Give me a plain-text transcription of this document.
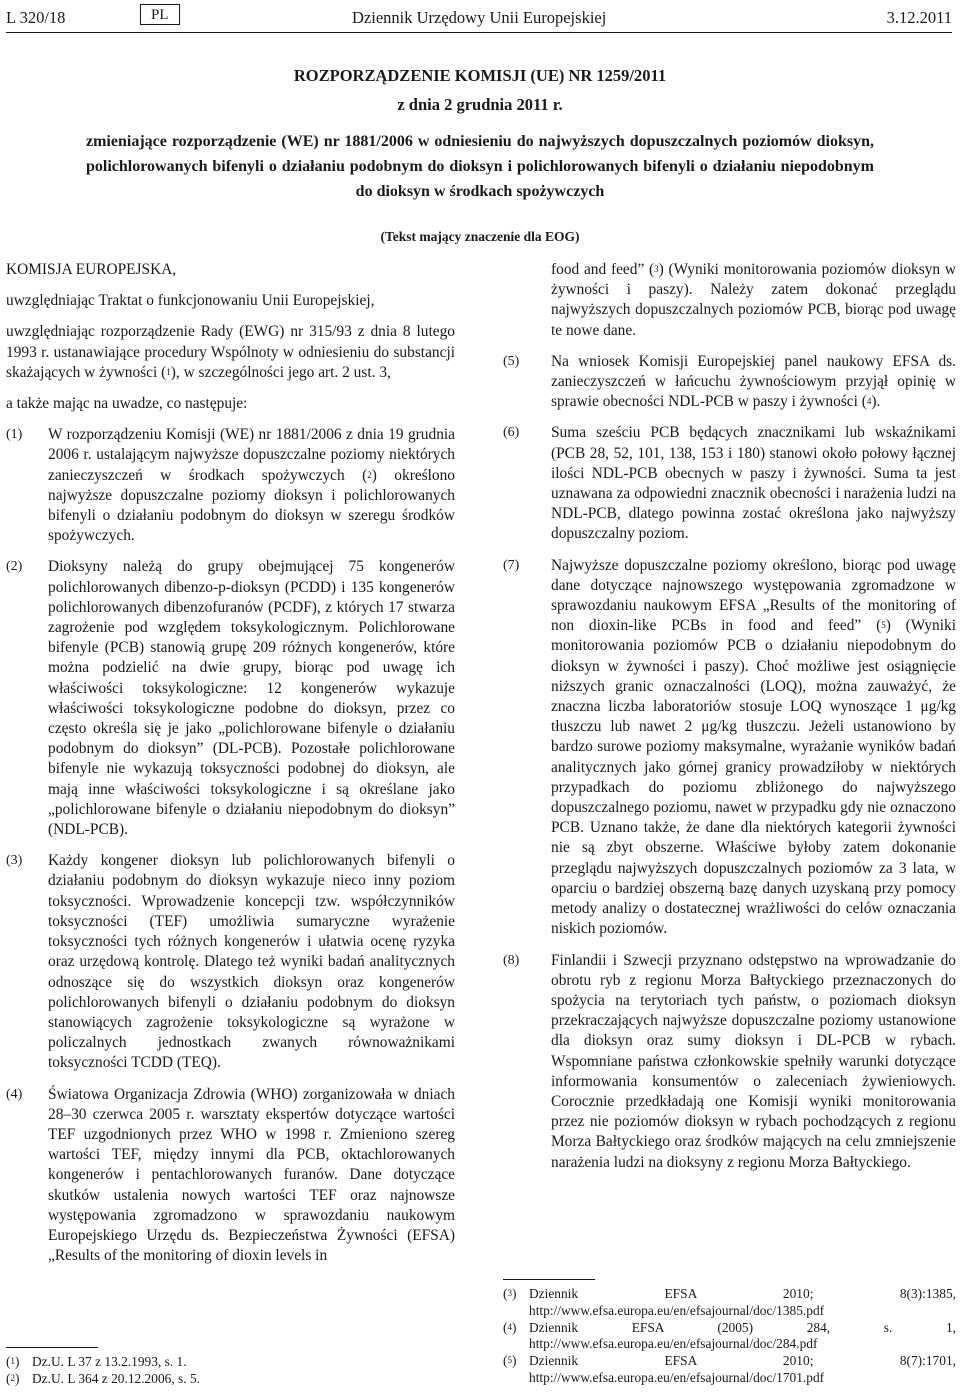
L 320/18	PL	Dziennik Urzędowy Unii Europejskiej	3.12.2011
ROZPORZĄDZENIE KOMISJI (UE) NR 1259/2011
z dnia 2 grudnia 2011 r.
zmieniające rozporządzenie (WE) nr 1881/2006 w odniesieniu do najwyższych dopuszczalnych poziomów dioksyn, polichlorowanych bifenyli o działaniu podobnym do dioksyn i polichlorowanych bifenyli o działaniu niepodobnym do dioksyn w środkach spożywczych
(Tekst mający znaczenie dla EOG)

KOMISJA EUROPEJSKA,

uwzględniając Traktat o funkcjonowaniu Unii Europejskiej,

uwzględniając rozporządzenie Rady (EWG) nr 315/93 z dnia 8 lutego 1993 r. ustanawiające procedury Wspólnoty w odniesieniu do substancji skażających w żywności ($^1$), w szczególności jego art. 2 ust. 3,

a także mając na uwadze, co następuje:

(1) W rozporządzeniu Komisji (WE) nr 1881/2006 z dnia 19 grudnia 2006 r. ustalającym najwyższe dopuszczalne poziomy niektórych zanieczyszczeń w środkach spożywczych ($^2$) określono najwyższe dopuszczalne poziomy dioksyn i polichlorowanych bifenyli o działaniu podobnym do dioksyn w szeregu środków spożywczych.
(2) Dioksyny należą do grupy obejmującej 75 kongenerów polichlorowanych dibenzo-p-dioksyn (PCDD) i 135 kongenerów polichlorowanych dibenzofuranów (PCDF), z których 17 stwarza zagrożenie pod względem toksykologicznym. Polichlorowane bifenyle (PCB) stanowią grupę 209 różnych kongenerów, które można podzielić na dwie grupy, biorąc pod uwagę ich właściwości toksykologiczne: 12 kongenerów wykazuje właściwości toksykologiczne podobne do dioksyn, przez co często określa się je jako „polichlorowane bifenyle o działaniu podobnym do dioksyn” (DL-PCB). Pozostałe polichlorowane bifenyle nie wykazują toksyczności podobnej do dioksyn, ale mają inne właściwości toksykologiczne i są określane jako „polichlorowane bifenyle o działaniu niepodobnym do dioksyn” (NDL-PCB).
(3) Każdy kongener dioksyn lub polichlorowanych bifenyli o działaniu podobnym do dioksyn wykazuje nieco inny poziom toksyczności. Wprowadzenie koncepcji tzw. współczynników toksyczności (TEF) umożliwia sumaryczne wyrażenie toksyczności tych różnych kongenerów i ułatwia ocenę ryzyka oraz urzędową kontrolę. Dlatego też wyniki badań analitycznych odnoszące się do wszystkich dioksyn oraz kongenerów polichlorowanych bifenyli o działaniu podobnym do dioksyn stanowiących zagrożenie toksykologiczne są wyrażone w policzalnych jednostkach zwanych równoważnikami toksyczności TCDD (TEQ).
(4) Światowa Organizacja Zdrowia (WHO) zorganizowała w dniach 28–30 czerwca 2005 r. warsztaty ekspertów dotyczące wartości TEF uzgodnionych przez WHO w 1998 r. Zmieniono szereg wartości TEF, między innymi dla PCB, oktachlorowanych kongenerów i pentachlorowanych furanów. Dane dotyczące skutków ustalenia nowych wartości TEF oraz najnowsze występowania zgromadzono w sprawozdaniu naukowym Europejskiego Urzędu ds. Bezpieczeństwa Żywności (EFSA) „Results of the monitoring of dioxin levels in
($^1$) Dz.U. L 37 z 13.2.1993, s. 1.
($^2$) Dz.U. L 364 z 20.12.2006, s. 5.
food and feed” ($^3$) (Wyniki monitorowania poziomów dioksyn w żywności i paszy). Należy zatem dokonać przeglądu najwyższych dopuszczalnych poziomów PCB, biorąc pod uwagę te nowe dane.
(5) Na wniosek Komisji Europejskiej panel naukowy EFSA ds. zanieczyszczeń w łańcuchu żywnościowym przyjął opinię w sprawie obecności NDL-PCB w paszy i żywności ($^4$).
(6) Suma sześciu PCB będących znacznikami lub wskaźnikami (PCB 28, 52, 101, 138, 153 i 180) stanowi około połowy łącznej ilości NDL-PCB obecnych w paszy i żywności. Suma ta jest uznawana za odpowiedni znacznik obecności i narażenia ludzi na NDL-PCB, dlatego powinna zostać określona jako najwyższy dopuszczalny poziom.
(7) Najwyższe dopuszczalne poziomy określono, biorąc pod uwagę dane dotyczące najnowszego występowania zgromadzone w sprawozdaniu naukowym EFSA „Results of the monitoring of non dioxin-like PCBs in food and feed” ($^5$) (Wyniki monitorowania poziomów PCB o działaniu niepodobnym do dioksyn w żywności i paszy). Choć możliwe jest osiągnięcie niższych granic oznaczalności (LOQ), można zauważyć, że znaczna liczba laboratoriów stosuje LOQ wynoszące 1 μg/kg tłuszczu lub nawet 2 μg/kg tłuszczu. Jeżeli ustanowiono by bardzo surowe poziomy maksymalne, wyrażanie wyników badań analitycznych jako górnej granicy prowadziłoby w niektórych przypadkach do poziomu zbliżonego do najwyższego dopuszczalnego poziomu, nawet w przypadku gdy nie oznaczono PCB. Uznano także, że dane dla niektórych kategorii żywności nie są zbyt obszerne. Właściwe byłoby zatem dokonanie przeglądu najwyższych dopuszczalnych poziomów za 3 lata, w oparciu o bardziej obszerną bazę danych uzyskaną przy pomocy metody analizy o dostatecznej wrażliwości do celów oznaczania niskich poziomów.
(8) Finlandii i Szwecji przyznano odstępstwo na wprowadzanie do obrotu ryb z regionu Morza Bałtyckiego przeznaczonych do spożycia na terytoriach tych państw, o poziomach dioksyn przekraczających najwyższe dopuszczalne poziomy ustanowione dla dioksyn oraz sumy dioksyn i DL-PCB w rybach. Wspomniane państwa członkowskie spełniły warunki dotyczące informowania konsumentów o zaleceniach żywieniowych. Corocznie przedkładają one Komisji wyniki monitorowania przez nie poziomów dioksyn w rybach pochodzących z regionu Morza Bałtyckiego oraz środków mających na celu zmniejszenie narażenia ludzi na dioksyny z regionu Morza Bałtyckiego.
($^3$) Dziennik EFSA 2010; 8(3):1385, http://www.efsa.europa.eu/en/efsajournal/doc/1385.pdf
($^4$) Dziennik EFSA (2005) 284, s. 1, http://www.efsa.europa.eu/en/efsajournal/doc/284.pdf
($^5$) Dziennik EFSA 2010; 8(7):1701, http://www.efsa.europa.eu/en/efsajournal/doc/1701.pdf
